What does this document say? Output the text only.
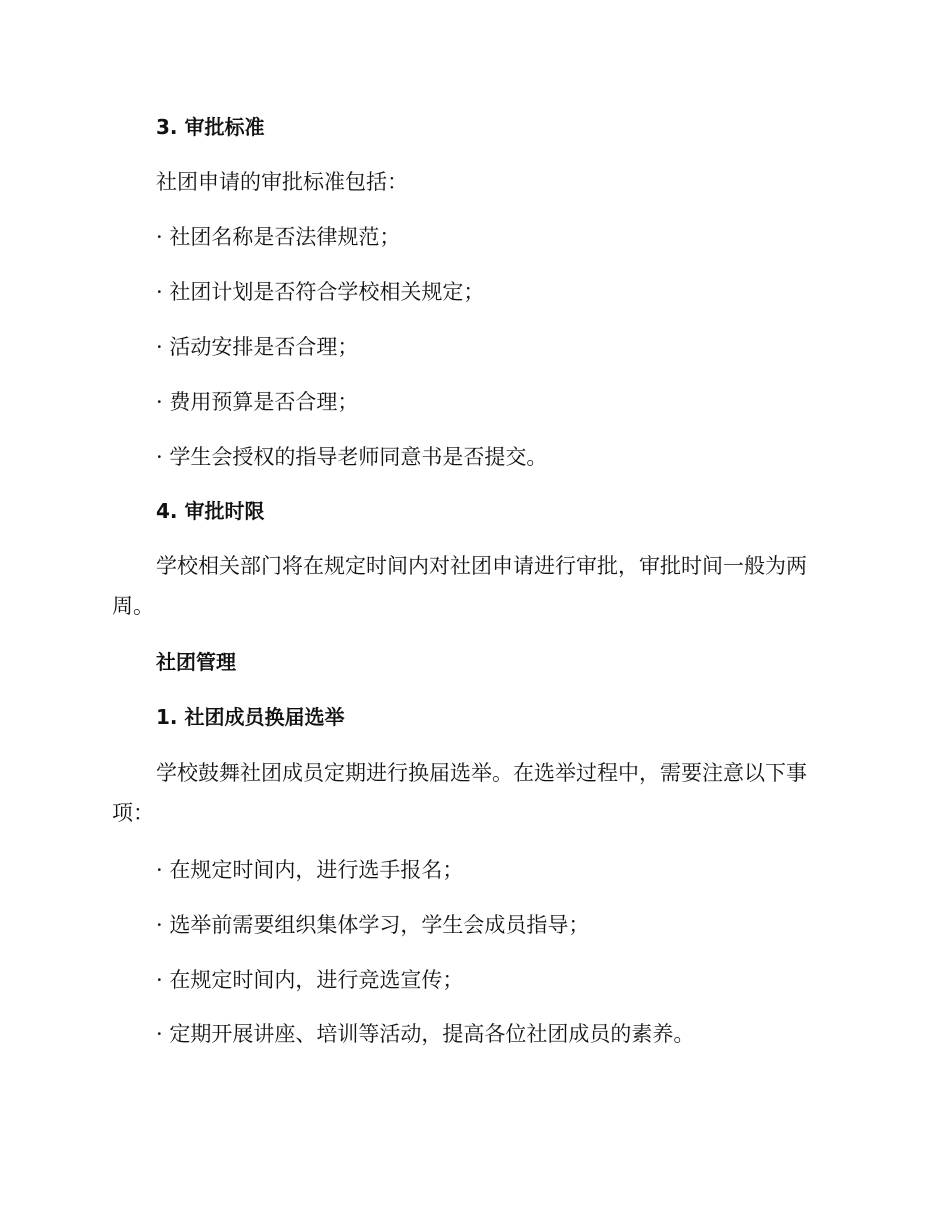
3. 审批标准
社团申请的审批标准包括：
· 社团名称是否法律规范；
· 社团计划是否符合学校相关规定；
· 活动安排是否合理；
· 费用预算是否合理；
· 学生会授权的指导老师同意书是否提交。
4. 审批时限

学校相关部门将在规定时间内对社团申请进行审批，审批时间一般为两周。

社团管理
1. 社团成员换届选举

学校鼓舞社团成员定期进行换届选举。在选举过程中，需要注意以下事项：

· 在规定时间内，进行选手报名；
· 选举前需要组织集体学习，学生会成员指导；
· 在规定时间内，进行竞选宣传；
· 定期开展讲座、培训等活动，提高各位社团成员的素养。
